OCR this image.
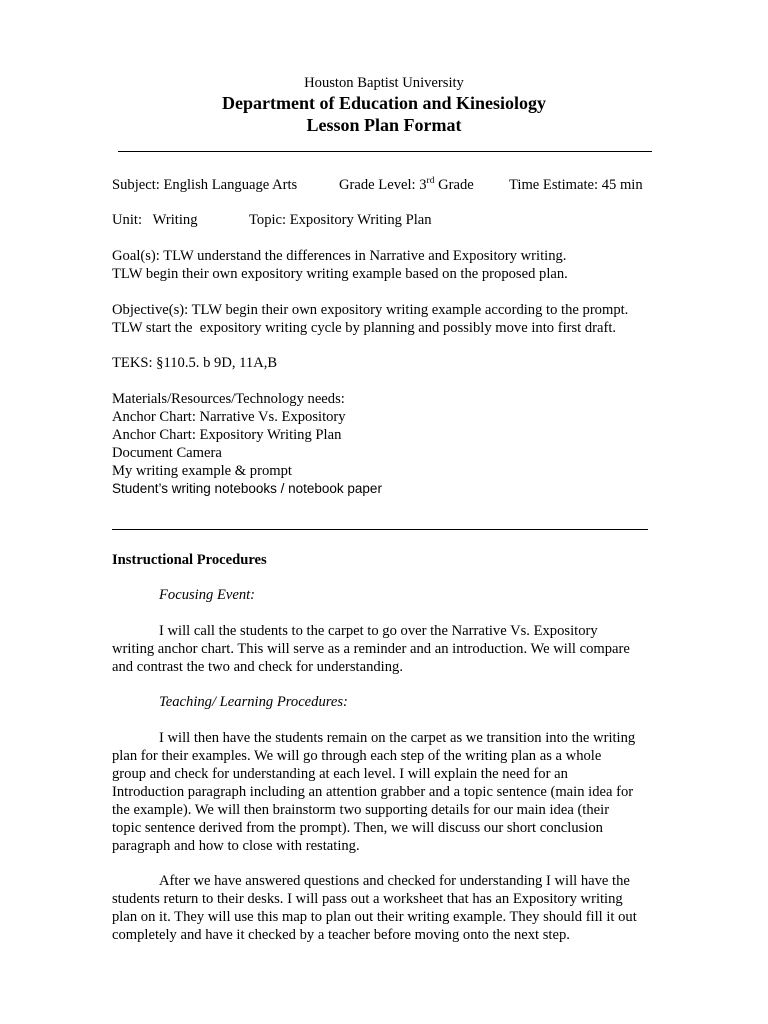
Houston Baptist University
Department of Education and Kinesiology
Lesson Plan Format
Subject: English Language Arts	Grade Level: 3rd Grade Time Estimate: 45 min
Unit:   Writing	Topic: Expository Writing Plan
Goal(s): TLW understand the differences in Narrative and Expository writing.
TLW begin their own expository writing example based on the proposed plan.
Objective(s): TLW begin their own expository writing example according to the prompt.
TLW start the  expository writing cycle by planning and possibly move into first draft.
TEKS: §110.5. b 9D, 11A,B
Materials/Resources/Technology needs:
Anchor Chart: Narrative Vs. Expository
Anchor Chart: Expository Writing Plan
Document Camera
My writing example & prompt
Student’s writing notebooks / notebook paper
Instructional Procedures
Focusing Event:
I will call the students to the carpet to go over the Narrative Vs. Expository
writing anchor chart. This will serve as a reminder and an introduction. We will compare
and contrast the two and check for understanding.
Teaching/ Learning Procedures:
I will then have the students remain on the carpet as we transition into the writing
plan for their examples. We will go through each step of the writing plan as a whole
group and check for understanding at each level. I will explain the need for an
Introduction paragraph including an attention grabber and a topic sentence (main idea for
the example). We will then brainstorm two supporting details for our main idea (their
topic sentence derived from the prompt). Then, we will discuss our short conclusion
paragraph and how to close with restating.
After we have answered questions and checked for understanding I will have the
students return to their desks. I will pass out a worksheet that has an Expository writing
plan on it. They will use this map to plan out their writing example. They should fill it out
completely and have it checked by a teacher before moving onto the next step.
